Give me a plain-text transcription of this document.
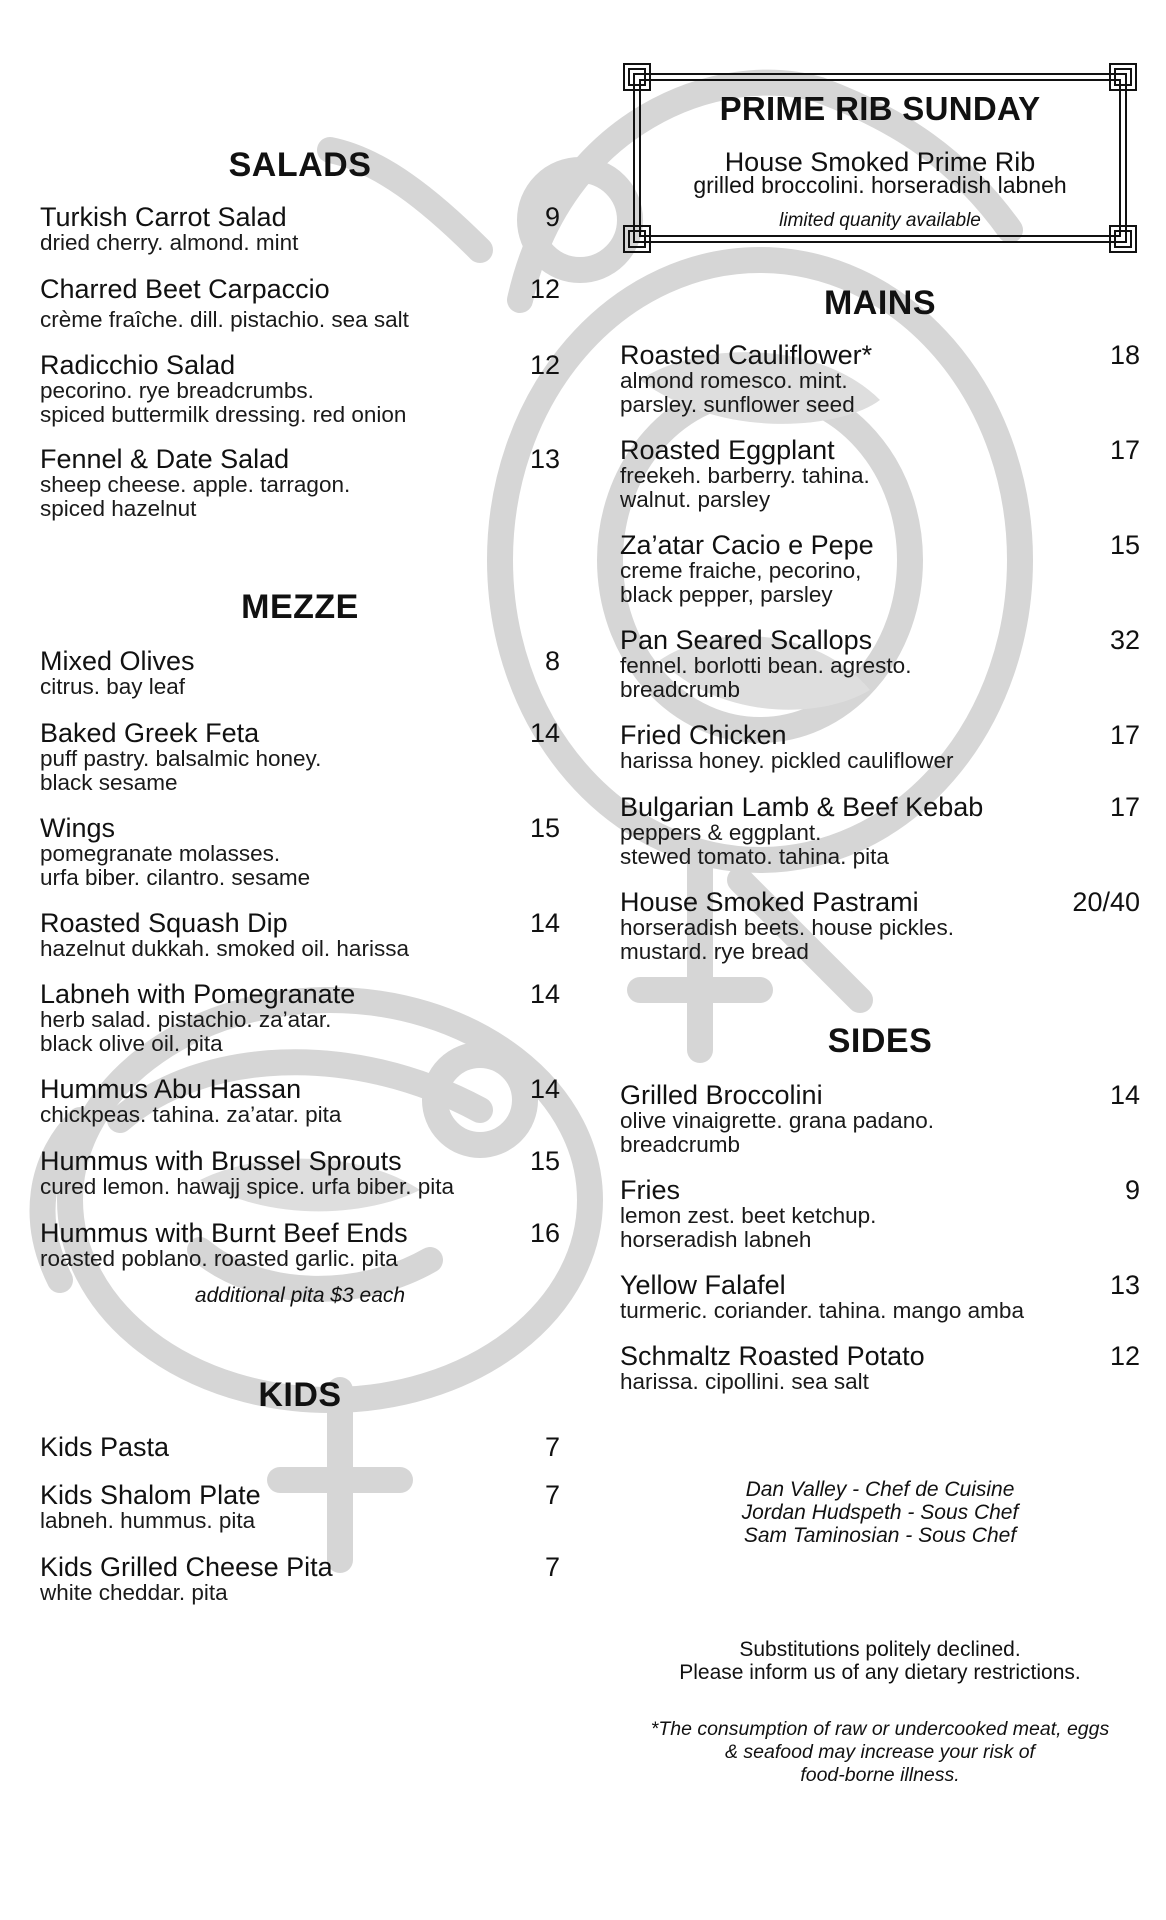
PRIME RIB SUNDAY
House Smoked Prime Rib
grilled broccolini. horseradish labneh
limited quanity available
SALADS
Turkish Carrot Salad	9
dried cherry. almond. mint
Charred Beet Carpaccio	12
crème fraîche. dill. pistachio. sea salt
Radicchio Salad	12
pecorino. rye breadcrumbs.
spiced buttermilk dressing. red onion
Fennel & Date Salad	13
sheep cheese. apple. tarragon.
spiced hazelnut
MEZZE
Mixed Olives	8
citrus. bay leaf
Baked Greek Feta	14
puff pastry. balsalmic honey.
black sesame
Wings	15
pomegranate molasses.
urfa biber. cilantro. sesame
Roasted Squash Dip	14
hazelnut dukkah. smoked oil. harissa
Labneh with Pomegranate	14
herb salad. pistachio. za’atar.
black olive oil. pita
Hummus Abu Hassan	14
chickpeas. tahina. za’atar. pita
Hummus with Brussel Sprouts	15
cured lemon. hawajj spice. urfa biber. pita
Hummus with Burnt Beef Ends	16
roasted poblano. roasted garlic. pita
additional pita $3 each
KIDS
Kids Pasta	7
Kids Shalom Plate	7
labneh. hummus. pita
Kids Grilled Cheese Pita	7
white cheddar. pita
MAINS
Roasted Cauliflower*	18
almond romesco. mint.
parsley. sunflower seed
Roasted Eggplant	17
freekeh. barberry. tahina.
walnut. parsley
Za’atar Cacio e Pepe	15
creme fraiche, pecorino,
black pepper, parsley
Pan Seared Scallops	32
fennel. borlotti bean. agresto.
breadcrumb
Fried Chicken	17
harissa honey. pickled cauliflower
Bulgarian Lamb & Beef Kebab	17
peppers & eggplant.
stewed tomato. tahina. pita
House Smoked Pastrami	20/40
horseradish beets. house pickles.
mustard. rye bread
SIDES
Grilled Broccolini	14
olive vinaigrette. grana padano.
breadcrumb
Fries	9
lemon zest. beet ketchup.
horseradish labneh
Yellow Falafel	13
turmeric. coriander. tahina. mango amba
Schmaltz Roasted Potato	12
harissa. cipollini. sea salt
Dan Valley - Chef de Cuisine
Jordan Hudspeth - Sous Chef
Sam Taminosian - Sous Chef
Substitutions politely declined.
Please inform us of any dietary restrictions.
*The consumption of raw or undercooked meat, eggs
& seafood may increase your risk of
food-borne illness.
